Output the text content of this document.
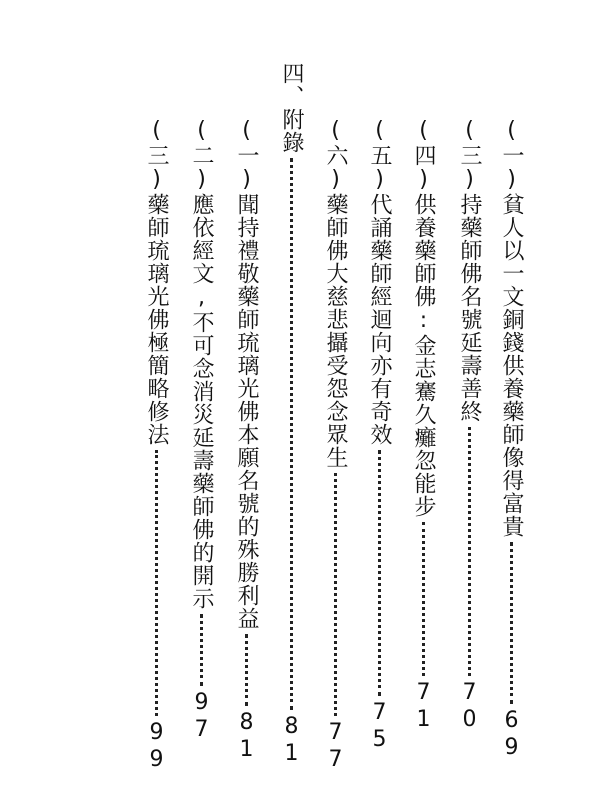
(一)貧人以一文銅錢供養藥師像得富貴
69
(三)持藥師佛名號延壽善終
70
(四)供養藥師佛:金志騫久癱忽能步
71
(五)代誦藥師經迴向亦有奇效
75
(六)藥師佛大慈悲攝受怨念眾生
77
四、附錄
81
(一)聞持禮敬藥師琉璃光佛本願名號的殊勝利益
81
(二)應依經文,不可念消災延壽藥師佛的開示
97
(三)藥師琉璃光佛極簡略修法
99
